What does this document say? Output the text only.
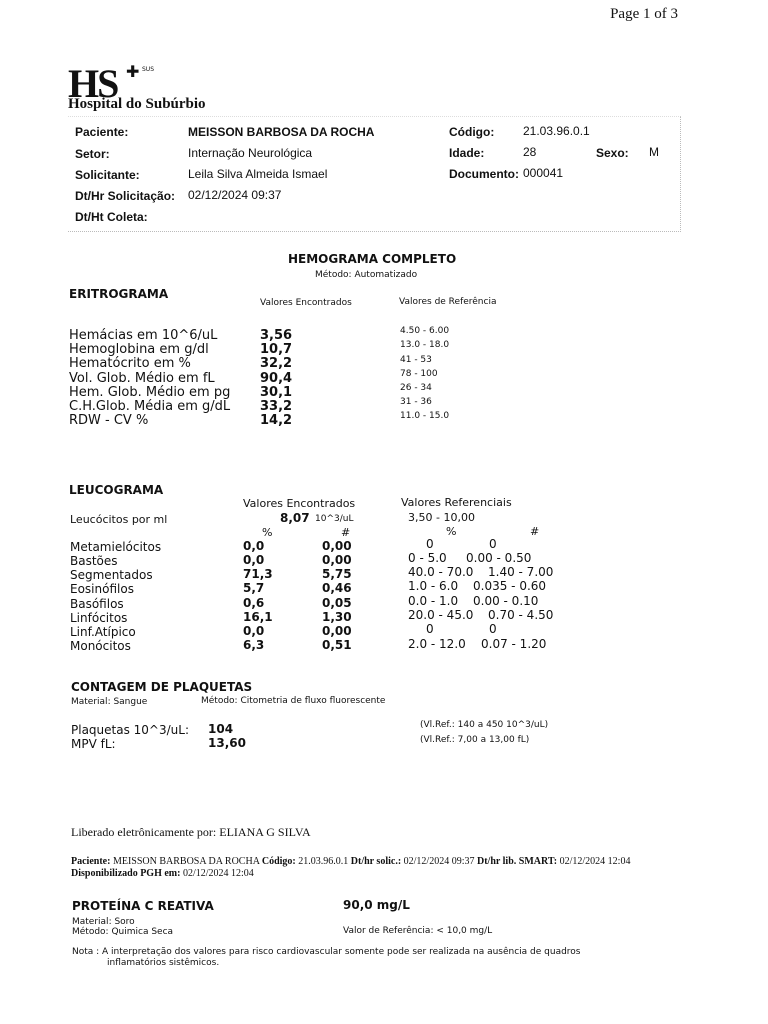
Page 1 of 3
HS ✚ SUS
Hospital do Subúrbio
Paciente:	MEISSON BARBOSA DA ROCHA
Setor:	Internação Neurológica
Solicitante:	Leila Silva Almeida Ismael
Dt/Hr Solicitação: 02/12/2024 09:37
Dt/Ht Coleta:
Código: 21.03.96.0.1
Idade:	28	Sexo: M
Documento: 000041
HEMOGRAMA COMPLETO
Método: Automatizado
ERITROGRAMA
Valores Encontrados	Valores de Referência
Hemácias em 10^6/uL	3,56	4.50 - 6.00
Hemoglobina em g/dl	10,7	13.0 - 18.0
Hematócrito em %	32,2	41 - 53
Vol. Glob. Médio em fL	90,4	78 - 100
Hem. Glob. Médio em pg 30,1	26 - 34
C.H.Glob. Média em g/dL 33,2	31 - 36
RDW - CV %	14,2	11.0 - 15.0
LEUCOGRAMA
Valores Encontrados	Valores Referenciais
Leucócitos por ml	8,07 10^3/uL	3,50 - 10,00
%	#	%	#
Metamielócitos	0,0	0,00	0	0
Bastões	0,0	0,00	0 - 5.0 0.00 - 0.50
Segmentados	71,3	5,75	40.0 - 70.0 1.40 - 7.00
Eosinófilos	5,7	0,46	1.0 - 6.0 0.035 - 0.60
Basófilos	0,6	0,05	0.0 - 1.0 0.00 - 0.10
Linfócitos	16,1	1,30	20.0 - 45.0 0.70 - 4.50
Linf.Atípico	0,0	0,00	0	0
Monócitos	6,3	0,51	2.0 - 12.0 0.07 - 1.20
CONTAGEM DE PLAQUETAS
Material: Sangue	Método: Citometria de fluxo fluorescente
Plaquetas 10^3/uL: 104	(Vl.Ref.: 140 a 450 10^3/uL)
MPV fL:	13,60	(Vl.Ref.: 7,00 a 13,00 fL)
Liberado eletrônicamente por: ELIANA G SILVA
Paciente: MEISSON BARBOSA DA ROCHA Código: 21.03.96.0.1 Dt/hr solic.: 02/12/2024 09:37 Dt/hr lib. SMART: 02/12/2024 12:04
Disponibilizado PGH em: 02/12/2024 12:04
PROTEÍNA C REATIVA	90,0 mg/L
Material: Soro
Método: Quimica Seca	Valor de Referência: < 10,0 mg/L
Nota : A interpretação dos valores para risco cardiovascular somente pode ser realizada na ausência de quadros
inflamatórios sistêmicos.
